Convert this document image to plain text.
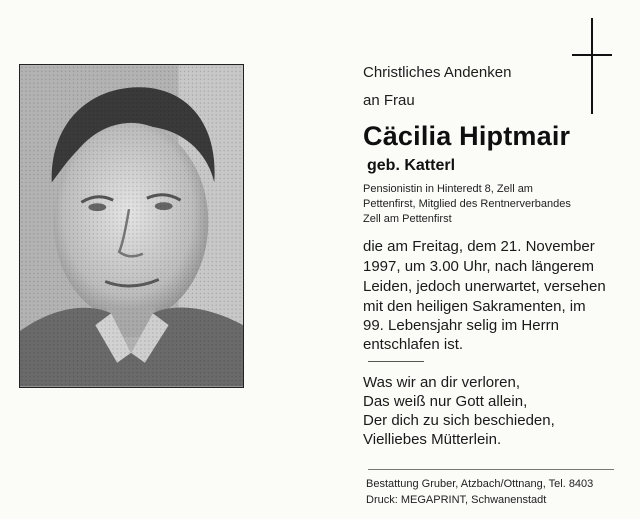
Christliches Andenken
an Frau
Cäcilia Hiptmair
geb. Katterl
Pensionistin in Hinteredt 8, Zell am
Pettenfirst, Mitglied des Rentnerverbandes
Zell am Pettenfirst
die am Freitag, dem 21. November
1997, um 3.00 Uhr, nach längerem
Leiden, jedoch unerwartet, versehen
mit den heiligen Sakramenten, im
99. Lebensjahr selig im Herrn
entschlafen ist.
Was wir an dir verloren,
Das weiß nur Gott allein,
Der dich zu sich beschieden,
Vielliebes Mütterlein.
Bestattung Gruber, Atzbach/Ottnang, Tel. 8403
Druck: MEGAPRINT, Schwanenstadt
